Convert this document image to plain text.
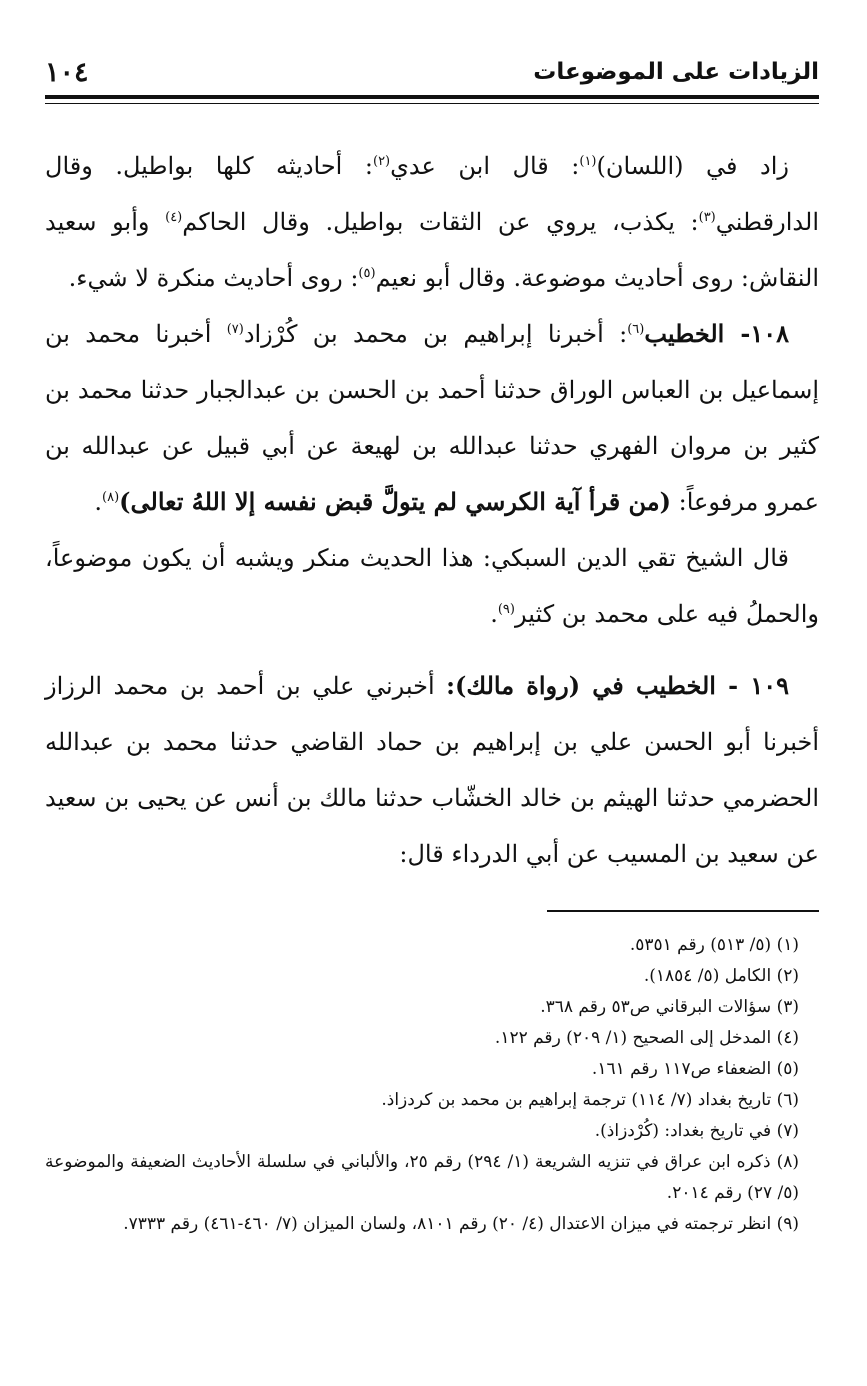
الزيادات على الموضوعات
١٠٤

زاد في (اللسان)$^{(١)}$: قال ابن عدي$^{(٢)}$: أحاديثه كلها بواطيل. وقال الدارقطني$^{(٣)}$: يكذب، يروي عن الثقات بواطيل. وقال الحاكم$^{(٤)}$ وأبو سعيد النقاش: روى أحاديث موضوعة. وقال أبو نعيم$^{(٥)}$: روى أحاديث منكرة لا شيء.

١٠٨- الخطيب$^{(٦)}$: أخبرنا إبراهيم بن محمد بن كُرْزاد$^{(٧)}$ أخبرنا محمد بن إسماعيل بن العباس الوراق حدثنا أحمد بن الحسن بن عبدالجبار حدثنا محمد بن كثير بن مروان الفهري حدثنا عبدالله بن لهيعة عن أبي قبيل عن عبدالله بن عمرو مرفوعاً: (من قرأ آية الكرسي لم يتولَّ قبض نفسه إلا اللهُ تعالى)$^{(٨)}$.

قال الشيخ تقي الدين السبكي: هذا الحديث منكر ويشبه أن يكون موضوعاً، والحملُ فيه على محمد بن كثير$^{(٩)}$.

١٠٩ - الخطيب في (رواة مالك): أخبرني علي بن أحمد بن محمد الرزاز أخبرنا أبو الحسن علي بن إبراهيم بن حماد القاضي حدثنا محمد بن عبدالله الحضرمي حدثنا الهيثم بن خالد الخشّاب حدثنا مالك بن أنس عن يحيى بن سعيد عن سعيد بن المسيب عن أبي الدرداء قال:

(١) (٥/ ٥١٣) رقم ٥٣٥١.

(٢) الكامل (٥/ ١٨٥٤).

(٣) سؤالات البرقاني ص٥٣ رقم ٣٦٨.

(٤) المدخل إلى الصحيح (١/ ٢٠٩) رقم ١٢٢.

(٥) الضعفاء ص١١٧ رقم ١٦١.

(٦) تاريخ بغداد (٧/ ١١٤) ترجمة إبراهيم بن محمد بن كردزاذ.

(٧) في تاريخ بغداد: (كُرْدزاذ).

(٨) ذكره ابن عراق في تنزيه الشريعة (١/ ٢٩٤) رقم ٢٥، والألباني في سلسلة الأحاديث الضعيفة والموضوعة (٥/ ٢٧) رقم ٢٠١٤.

(٩) انظر ترجمته في ميزان الاعتدال (٤/ ٢٠) رقم ٨١٠١، ولسان الميزان (٧/ ٤٦٠-٤٦١) رقم ٧٣٣٣.
